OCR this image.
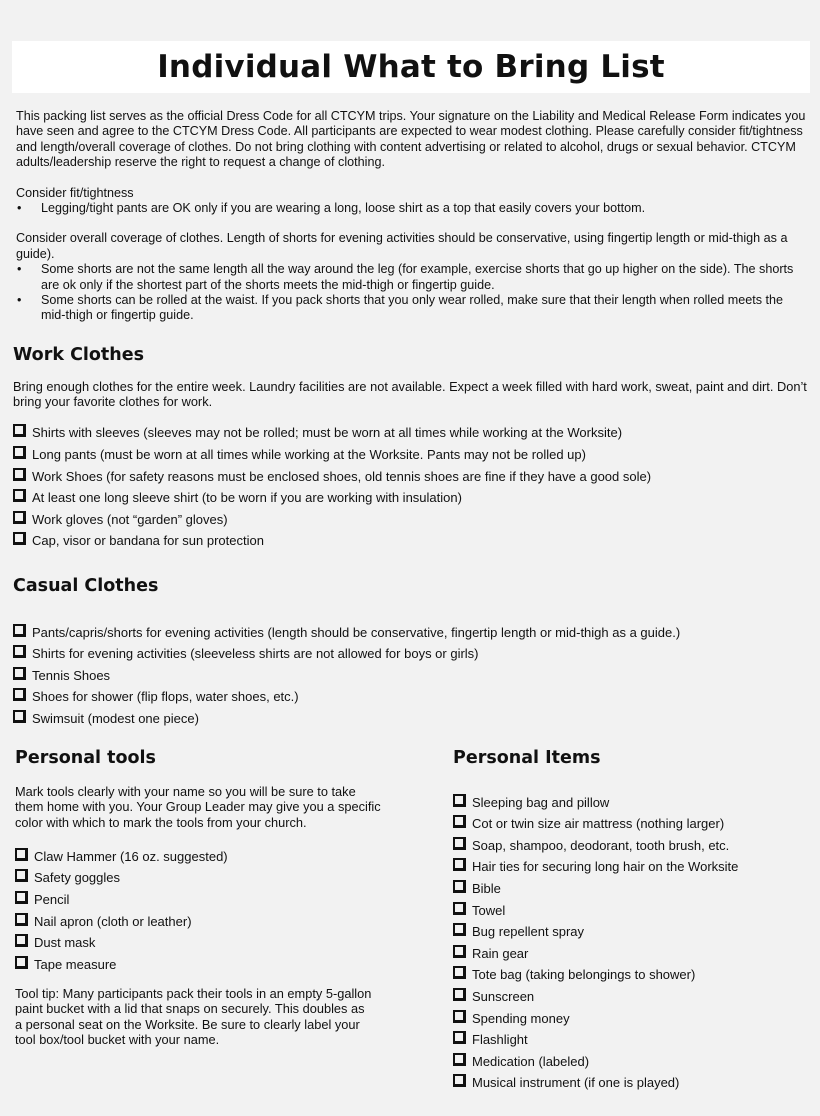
Individual What to Bring List

This packing list serves as the official Dress Code for all CTCYM trips. Your signature on the Liability and Medical Release Form indicates you have seen and agree to the CTCYM Dress Code. All participants are expected to wear modest clothing. Please carefully consider fit/tightness and length/overall coverage of clothes. Do not bring clothing with content advertising or related to alcohol, drugs or sexual behavior. CTCYM adults/leadership reserve the right to request a change of clothing.

Consider fit/tightness

• Legging/tight pants are OK only if you are wearing a long, loose shirt as a top that easily covers your bottom.

Consider overall coverage of clothes. Length of shorts for evening activities should be conservative, using fingertip length or mid-thigh as a guide).

• Some shorts are not the same length all the way around the leg (for example, exercise shorts that go up higher on the side). The shorts are ok only if the shortest part of the shorts meets the mid-thigh or fingertip guide.
• Some shorts can be rolled at the waist. If you pack shorts that you only wear rolled, make sure that their length when rolled meets the mid-thigh or fingertip guide.
Work Clothes

Bring enough clothes for the entire week. Laundry facilities are not available. Expect a week filled with hard work, sweat, paint and dirt. Don’t bring your favorite clothes for work.

Shirts with sleeves (sleeves may not be rolled; must be worn at all times while working at the Worksite)
Long pants (must be worn at all times while working at the Worksite. Pants may not be rolled up)
Work Shoes (for safety reasons must be enclosed shoes, old tennis shoes are fine if they have a good sole)
At least one long sleeve shirt (to be worn if you are working with insulation)
Work gloves (not “garden” gloves)
Cap, visor or bandana for sun protection
Casual Clothes
Pants/capris/shorts for evening activities (length should be conservative, fingertip length or mid-thigh as a guide.)
Shirts for evening activities (sleeveless shirts are not allowed for boys or girls)
Tennis Shoes
Shoes for shower (flip flops, water shoes, etc.)
Swimsuit (modest one piece)
Personal tools

Mark tools clearly with your name so you will be sure to take them home with you. Your Group Leader may give you a specific color with which to mark the tools from your church.

Claw Hammer (16 oz. suggested)
Safety goggles
Pencil
Nail apron (cloth or leather)
Dust mask
Tape measure

Tool tip: Many participants pack their tools in an empty 5-gallon paint bucket with a lid that snaps on securely. This doubles as a personal seat on the Worksite. Be sure to clearly label your tool box/tool bucket with your name.

Personal Items
Sleeping bag and pillow
Cot or twin size air mattress (nothing larger)
Soap, shampoo, deodorant, tooth brush, etc.
Hair ties for securing long hair on the Worksite
Bible
Towel
Bug repellent spray
Rain gear
Tote bag (taking belongings to shower)
Sunscreen
Spending money
Flashlight
Medication (labeled)
Musical instrument (if one is played)
